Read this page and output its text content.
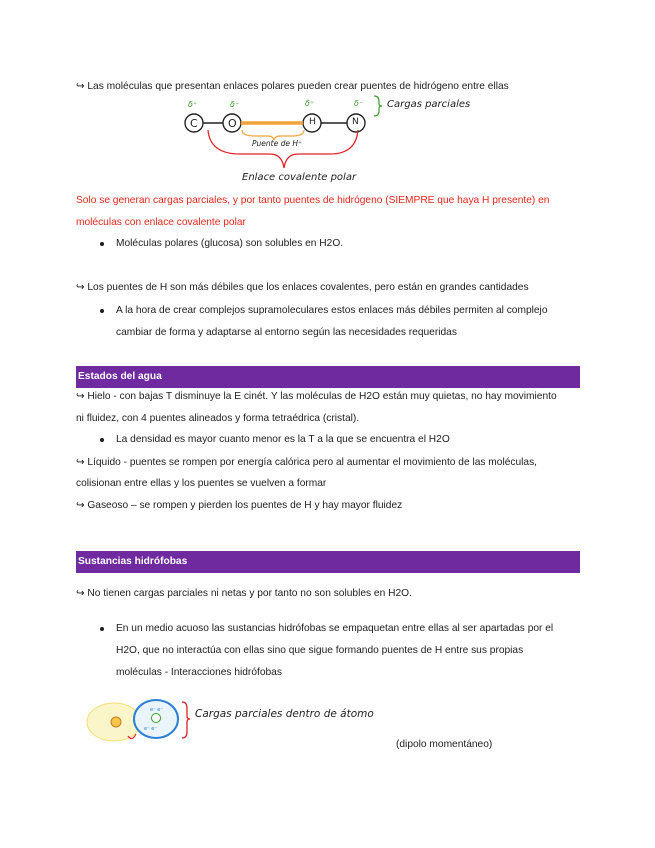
↪ Las moléculas que presentan enlaces polares pueden crear puentes de hidrógeno entre ellas
C	O	H	N
δ⁺	δ⁻	δ⁺	δ⁻ Cargas parciales
Puente de H⁺
Enlace covalente polar
Solo se generan cargas parciales, y por tanto puentes de hidrógeno (SIEMPRE que haya H presente) en
moléculas con enlace covalente polar
Moléculas polares (glucosa) son solubles en H2O.
↪ Los puentes de H son más débiles que los enlaces covalentes, pero están en grandes cantidades
A la hora de crear complejos supramoleculares estos enlaces más débiles permiten al complejo
cambiar de forma y adaptarse al entorno según las necesidades requeridas
Estados del agua
↪ Hielo - con bajas T disminuye la E cinét. Y las moléculas de H2O están muy quietas, no hay movimiento
ni fluidez, con 4 puentes alineados y forma tetraédrica (cristal).
La densidad es mayor cuanto menor es la T a la que se encuentra el H2O
↪ Líquido - puentes se rompen por energía calórica pero al aumentar el movimiento de las moléculas,
colisionan entre ellas y los puentes se vuelven a formar
↪ Gaseoso – se rompen y pierden los puentes de H y hay mayor fluidez
Sustancias hidrófobas
↪ No tienen cargas parciales ni netas y por tanto no son solubles en H2O.
En un medio acuoso las sustancias hidrófobas se empaquetan entre ellas al ser apartadas por el
H2O, que no interactúa con ellas sino que sigue formando puentes de H entre sus propias
moléculas - Interacciones hidrófobas
e⁻ e⁻
e⁻ e⁻
Cargas parciales dentro de átomo
(dipolo momentáneo)
